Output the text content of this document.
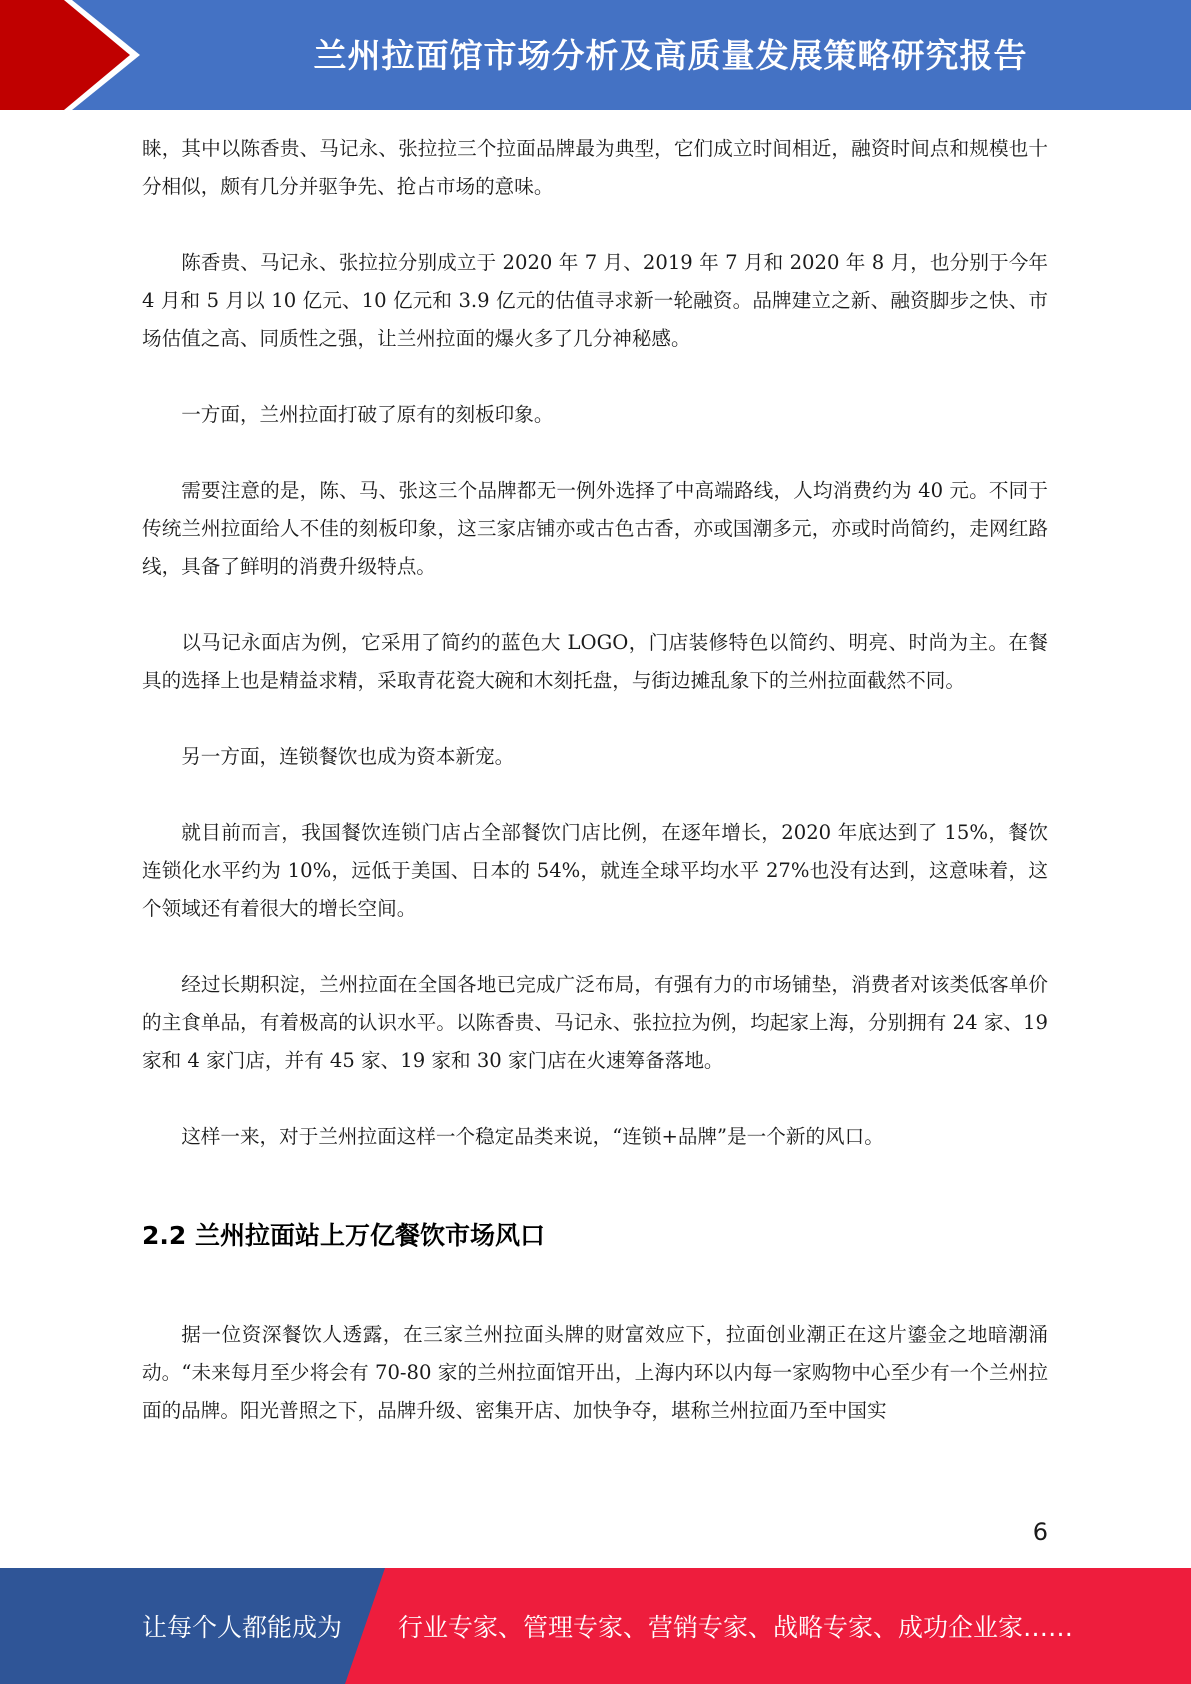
兰州拉面馆市场分析及高质量发展策略研究报告

睐，其中以陈香贵、马记永、张拉拉三个拉面品牌最为典型，它们成立时间相近，融资时间点和规模也十分相似，颇有几分并驱争先、抢占市场的意味。

陈香贵、马记永、张拉拉分别成立于 2020 年 7 月、2019 年 7 月和 2020 年 8 月，也分别于今年 4 月和 5 月以 10 亿元、10 亿元和 3.9 亿元的估值寻求新一轮融资。品牌建立之新、融资脚步之快、市场估值之高、同质性之强，让兰州拉面的爆火多了几分神秘感。

一方面，兰州拉面打破了原有的刻板印象。

需要注意的是，陈、马、张这三个品牌都无一例外选择了中高端路线，人均消费约为 40 元。不同于传统兰州拉面给人不佳的刻板印象，这三家店铺亦或古色古香，亦或国潮多元，亦或时尚简约，走网红路线，具备了鲜明的消费升级特点。

以马记永面店为例，它采用了简约的蓝色大 LOGO，门店装修特色以简约、明亮、时尚为主。在餐具的选择上也是精益求精，采取青花瓷大碗和木刻托盘，与街边摊乱象下的兰州拉面截然不同。

另一方面，连锁餐饮也成为资本新宠。

就目前而言，我国餐饮连锁门店占全部餐饮门店比例，在逐年增长，2020 年底达到了 15%，餐饮连锁化水平约为 10%，远低于美国、日本的 54%，就连全球平均水平 27%也没有达到，这意味着，这个领域还有着很大的增长空间。

经过长期积淀，兰州拉面在全国各地已完成广泛布局，有强有力的市场铺垫，消费者对该类低客单价的主食单品，有着极高的认识水平。以陈香贵、马记永、张拉拉为例，均起家上海，分别拥有 24 家、19 家和 4 家门店，并有 45 家、19 家和 30 家门店在火速筹备落地。

这样一来，对于兰州拉面这样一个稳定品类来说，“连锁+品牌”是一个新的风口。

2.2 兰州拉面站上万亿餐饮市场风口

据一位资深餐饮人透露，在三家兰州拉面头牌的财富效应下，拉面创业潮正在这片鎏金之地暗潮涌动。“未来每月至少将会有 70-80 家的兰州拉面馆开出，上海内环以内每一家购物中心至少有一个兰州拉面的品牌。阳光普照之下，品牌升级、密集开店、加快争夺，堪称兰州拉面乃至中国实

6
让每个人都能成为 行业专家、管理专家、营销专家、战略专家、成功企业家……
